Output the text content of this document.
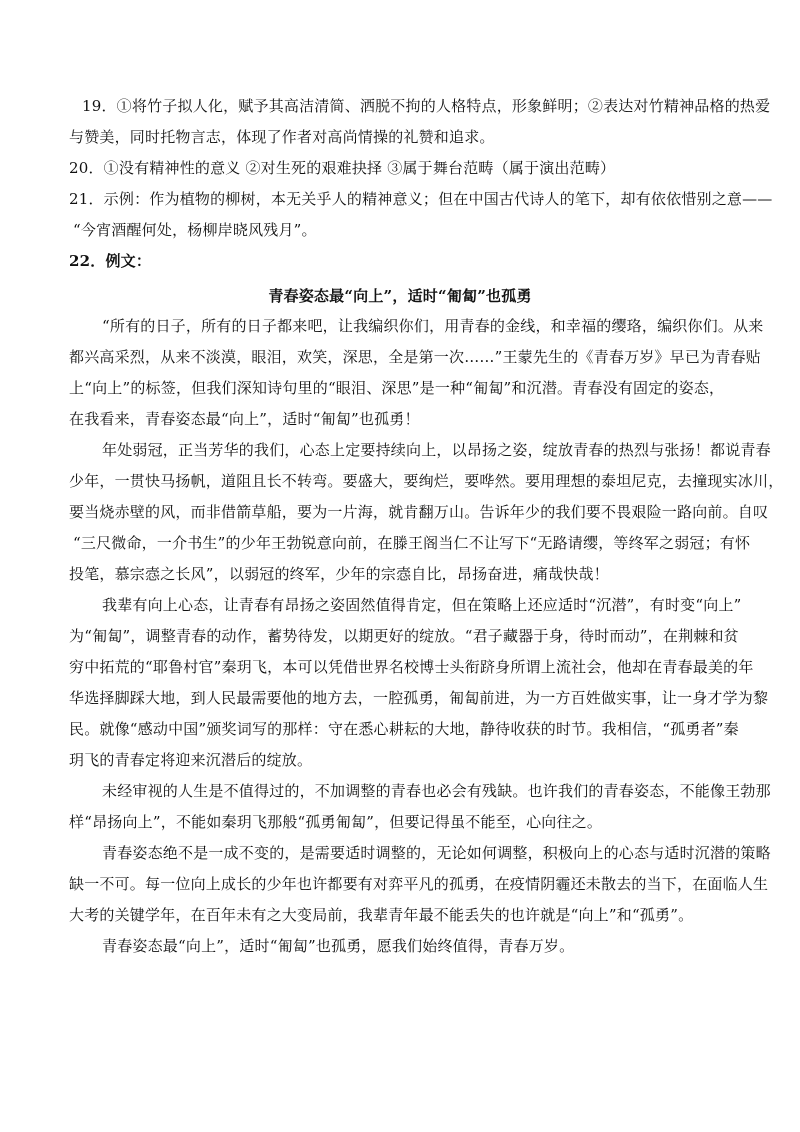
19．①将竹子拟人化，赋予其高洁清简、洒脱不拘的人格特点，形象鲜明；②表达对竹精神品格的热爱
与赞美，同时托物言志，体现了作者对高尚情操的礼赞和追求。
20．①没有精神性的意义 ②对生死的艰难抉择 ③属于舞台范畴（属于演出范畴）
21．示例：作为植物的柳树，本无关乎人的精神意义；但在中国古代诗人的笔下，却有依依惜别之意——
“今宵酒醒何处，杨柳岸晓风残月”。
22．例文：
青春姿态最“向上”，适时“匍匐”也孤勇
“所有的日子，所有的日子都来吧，让我编织你们，用青春的金线，和幸福的缨珞，编织你们。从来
都兴高采烈，从来不淡漠，眼泪，欢笑，深思，全是第一次……”王蒙先生的《青春万岁》早已为青春贴
上“向上”的标签，但我们深知诗句里的“眼泪、深思”是一种“匍匐”和沉潜。青春没有固定的姿态，
在我看来，青春姿态最“向上”，适时“匍匐”也孤勇！
年处弱冠，正当芳华的我们，心态上定要持续向上，以昂扬之姿，绽放青春的热烈与张扬！都说青春
少年，一贯快马扬帆，道阻且长不转弯。要盛大，要绚烂，要哗然。要用理想的泰坦尼克，去撞现实冰川，
要当烧赤壁的风，而非借箭草船，要为一片海，就肯翻万山。告诉年少的我们要不畏艰险一路向前。自叹
“三尺微命，一介书生”的少年王勃锐意向前，在滕王阁当仁不让写下“无路请缨，等终军之弱冠；有怀
投笔，慕宗悫之长风”，以弱冠的终军，少年的宗悫自比，昂扬奋进，痛哉快哉！
我辈有向上心态，让青春有昂扬之姿固然值得肯定，但在策略上还应适时“沉潜”，有时变“向上”
为“匍匐”，调整青春的动作，蓄势待发，以期更好的绽放。“君子藏器于身，待时而动”，在荆棘和贫
穷中拓荒的“耶鲁村官”秦玥飞，本可以凭借世界名校博士头衔跻身所谓上流社会，他却在青春最美的年
华选择脚踩大地，到人民最需要他的地方去，一腔孤勇，匍匐前进，为一方百姓做实事，让一身才学为黎
民。就像“感动中国”颁奖词写的那样：守在悉心耕耘的大地，静待收获的时节。我相信，“孤勇者”秦
玥飞的青春定将迎来沉潜后的绽放。
未经审视的人生是不值得过的，不加调整的青春也必会有残缺。也许我们的青春姿态，不能像王勃那
样“昂扬向上”，不能如秦玥飞那般“孤勇匍匐”，但要记得虽不能至，心向往之。
青春姿态绝不是一成不变的，是需要适时调整的，无论如何调整，积极向上的心态与适时沉潜的策略
缺一不可。每一位向上成长的少年也许都要有对弈平凡的孤勇，在疫情阴霾还未散去的当下，在面临人生
大考的关键学年，在百年未有之大变局前，我辈青年最不能丢失的也许就是“向上”和“孤勇”。
青春姿态最“向上”，适时“匍匐”也孤勇，愿我们始终值得，青春万岁。
